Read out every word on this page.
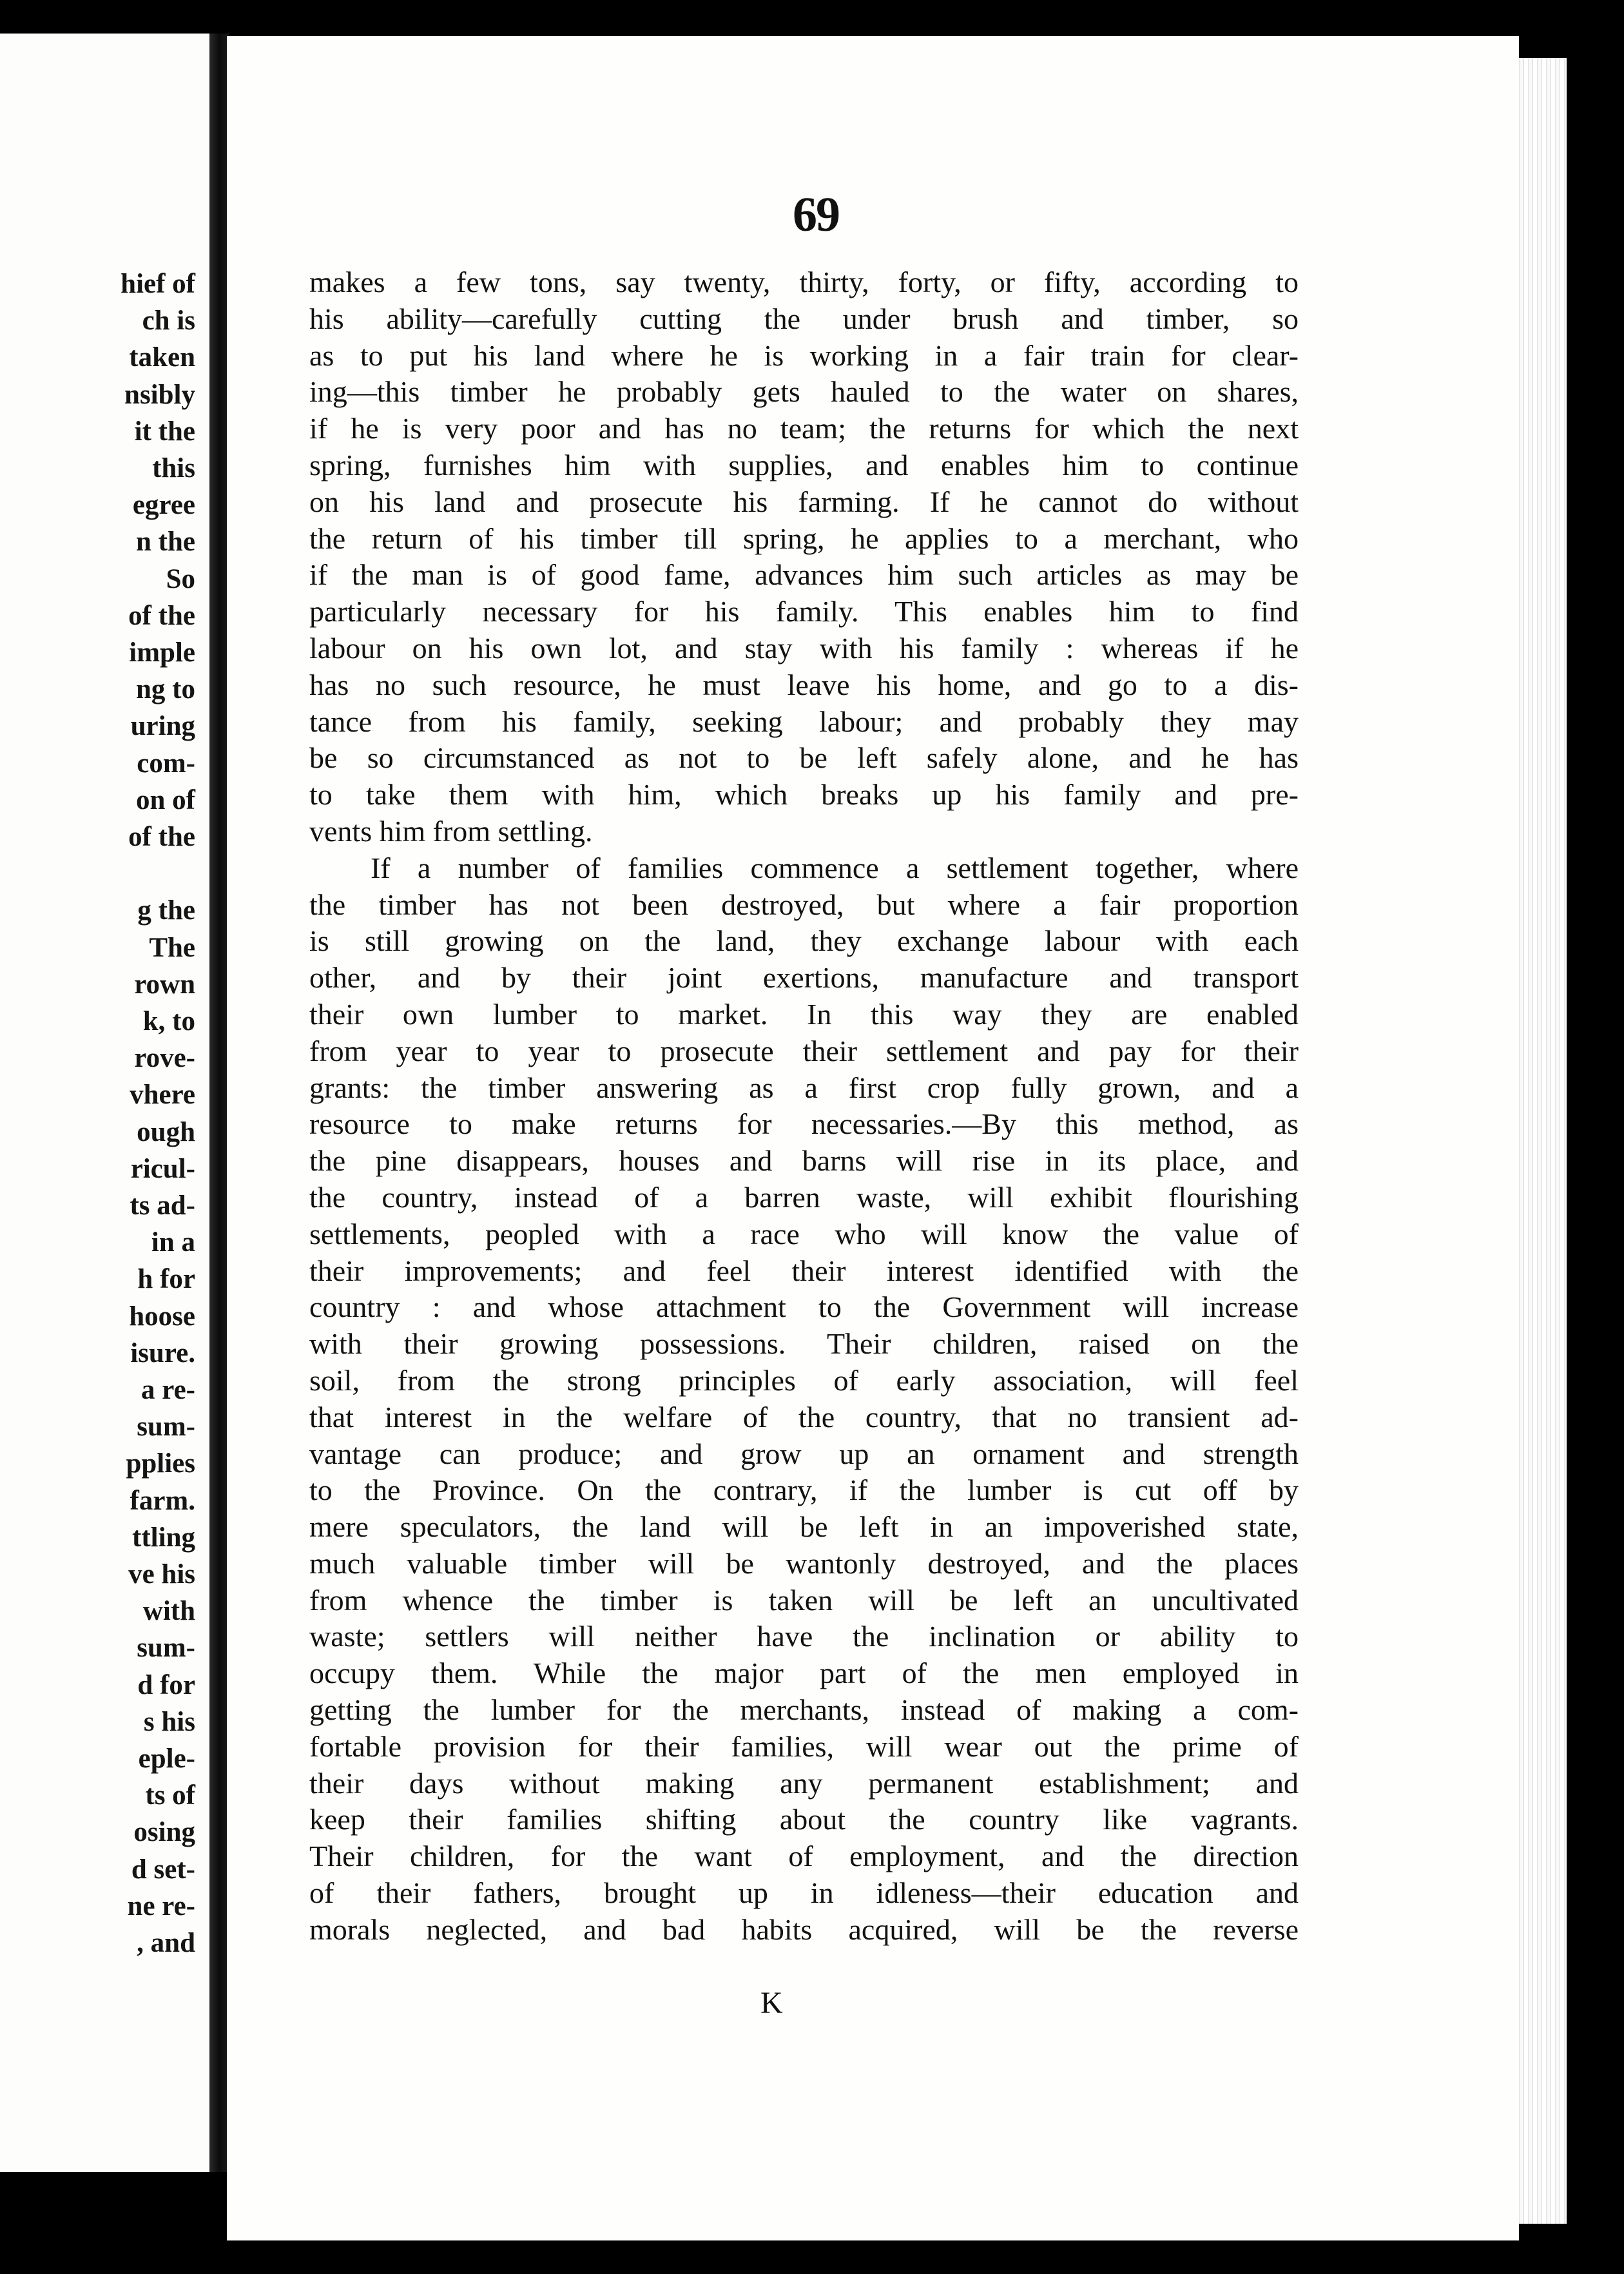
hief of
ch is
taken
nsibly
it the
this
egree
n the
So
of the
imple
ng to
uring
com-
on of
of the
g the
The
rown
k, to
rove-
vhere
ough
ricul-
ts ad-
in a
h for
hoose
isure.
a re-
sum-
pplies
farm.
ttling
ve his
with
sum-
d for
s his
eple-
ts of
osing
d set-
ne re-
, and
69
makes a few tons, say twenty, thirty, forty, or fifty, according to
his ability—carefully cutting the under brush and timber, so
as to put his land where he is working in a fair train for clear-
ing—this timber he probably gets hauled to the water on shares,
if he is very poor and has no team; the returns for which the next
spring, furnishes him with supplies, and enables him to continue
on his land and prosecute his farming. If he cannot do without
the return of his timber till spring, he applies to a merchant, who
if the man is of good fame, advances him such articles as may be
particularly necessary for his family. This enables him to find
labour on his own lot, and stay with his family : whereas if he
has no such resource, he must leave his home, and go to a dis-
tance from his family, seeking labour; and probably they may
be so circumstanced as not to be left safely alone, and he has
to take them with him, which breaks up his family and pre-
vents him from settling.
If a number of families commence a settlement together, where
the timber has not been destroyed, but where a fair proportion
is still growing on the land, they exchange labour with each
other, and by their joint exertions, manufacture and transport
their own lumber to market. In this way they are enabled
from year to year to prosecute their settlement and pay for their
grants: the timber answering as a first crop fully grown, and a
resource to make returns for necessaries.—By this method, as
the pine disappears, houses and barns will rise in its place, and
the country, instead of a barren waste, will exhibit flourishing
settlements, peopled with a race who will know the value of
their improvements; and feel their interest identified with the
country : and whose attachment to the Government will increase
with their growing possessions. Their children, raised on the
soil, from the strong principles of early association, will feel
that interest in the welfare of the country, that no transient ad-
vantage can produce; and grow up an ornament and strength
to the Province. On the contrary, if the lumber is cut off by
mere speculators, the land will be left in an impoverished state,
much valuable timber will be wantonly destroyed, and the places
from whence the timber is taken will be left an uncultivated
waste; settlers will neither have the inclination or ability to
occupy them. While the major part of the men employed in
getting the lumber for the merchants, instead of making a com-
fortable provision for their families, will wear out the prime of
their days without making any permanent establishment; and
keep their families shifting about the country like vagrants.
Their children, for the want of employment, and the direction
of their fathers, brought up in idleness—their education and
morals neglected, and bad habits acquired, will be the reverse
K
